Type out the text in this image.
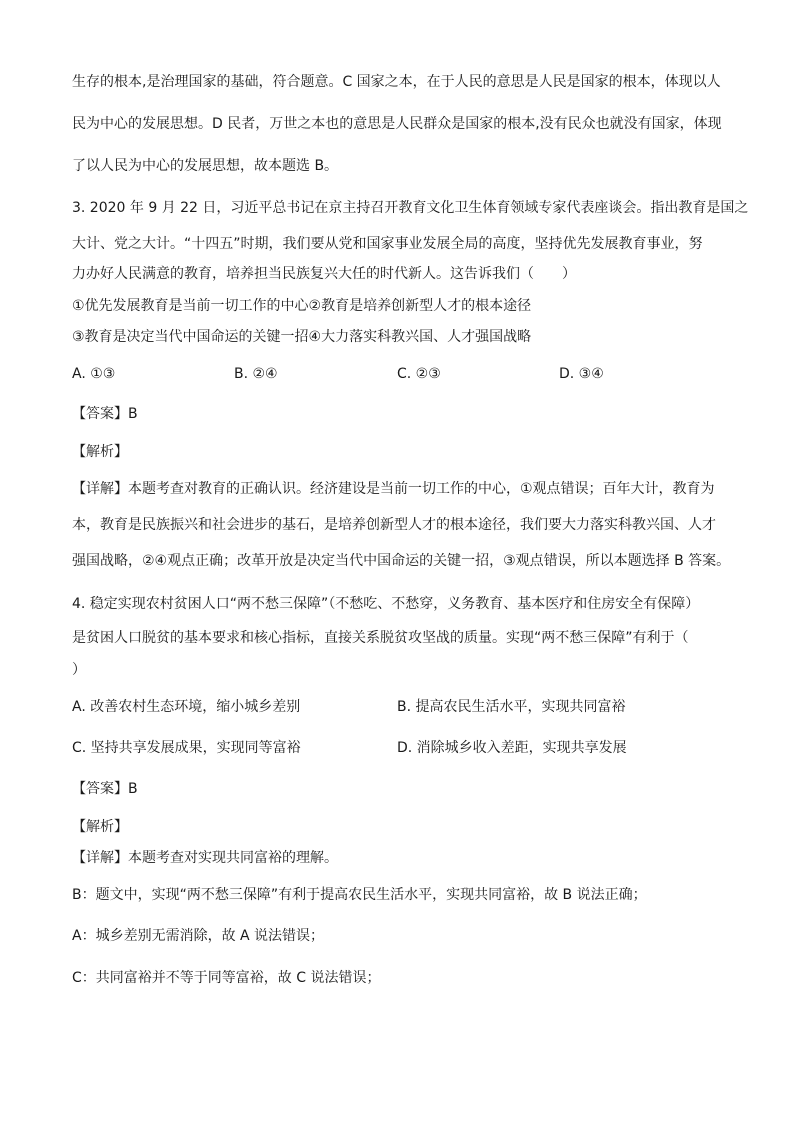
生存的根本,是治理国家的基础，符合题意。C 国家之本，在于人民的意思是人民是国家的根本，体现以人
民为中心的发展思想。D 民者，万世之本也的意思是人民群众是国家的根本,没有民众也就没有国家，体现
了以人民为中心的发展思想，故本题选 B。
3. 2020 年 9 月 22 日，习近平总书记在京主持召开教育文化卫生体育领域专家代表座谈会。指出教育是国之
大计、党之大计。“十四五”时期，我们要从党和国家事业发展全局的高度，坚持优先发展教育事业，努
力办好人民满意的教育，培养担当民族复兴大任的时代新人。这告诉我们（　　）
①优先发展教育是当前一切工作的中心②教育是培养创新型人才的根本途径
③教育是决定当代中国命运的关键一招④大力落实科教兴国、人才强国战略
A. ①③	B. ②④	C. ②③	D. ③④
【答案】B
【解析】
【详解】本题考查对教育的正确认识。经济建设是当前一切工作的中心，①观点错误；百年大计，教育为
本，教育是民族振兴和社会进步的基石，是培养创新型人才的根本途径，我们要大力落实科教兴国、人才
强国战略，②④观点正确；改革开放是决定当代中国命运的关键一招，③观点错误，所以本题选择 B 答案。
4. 稳定实现农村贫困人口“两不愁三保障”（不愁吃、不愁穿，义务教育、基本医疗和住房安全有保障）
是贫困人口脱贫的基本要求和核心指标，直接关系脱贫攻坚战的质量。实现“两不愁三保障”有利于（
）
A. 改善农村生态环境，缩小城乡差别	B. 提高农民生活水平，实现共同富裕
C. 坚持共享发展成果，实现同等富裕	D. 消除城乡收入差距，实现共享发展
【答案】B
【解析】
【详解】本题考查对实现共同富裕的理解。
B：题文中，实现“两不愁三保障”有利于提高农民生活水平，实现共同富裕，故 B 说法正确；
A：城乡差别无需消除，故 A 说法错误；
C：共同富裕并不等于同等富裕，故 C 说法错误；
